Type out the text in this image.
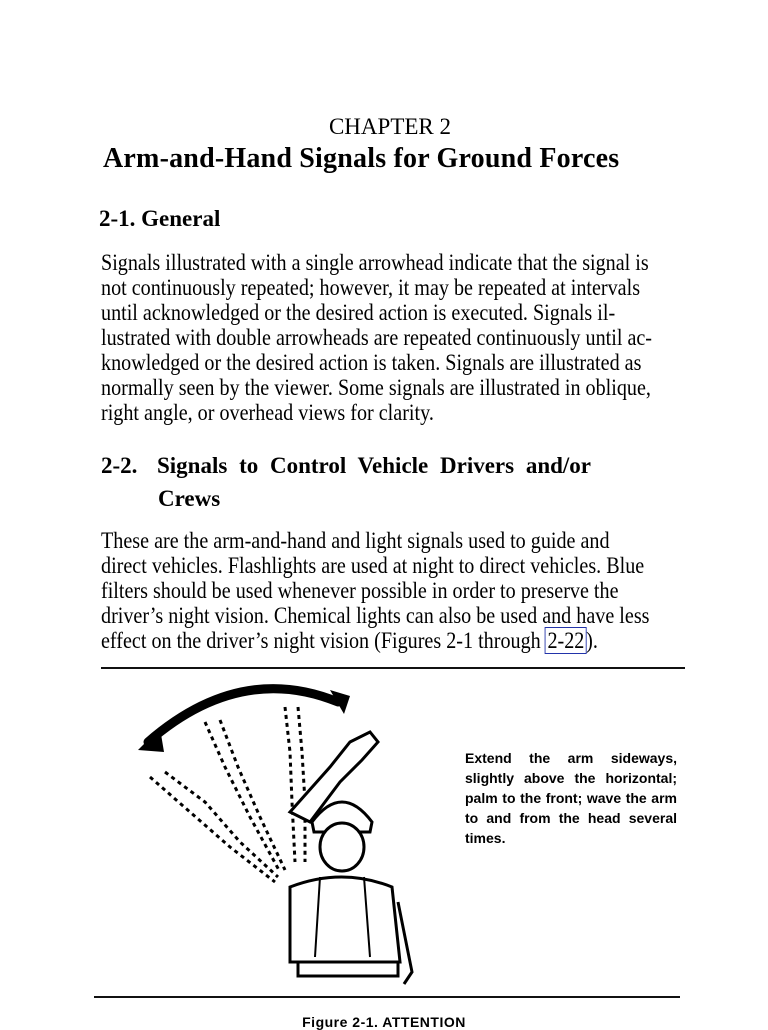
CHAPTER 2
Arm-and-Hand Signals for Ground Forces
2-1. General
Signals illustrated with a single arrowhead indicate that the signal is
not continuously repeated; however, it may be repeated at intervals
until acknowledged or the desired action is executed. Signals il-
lustrated with double arrowheads are repeated continuously until ac-
knowledged or the desired action is taken. Signals are illustrated as
normally seen by the viewer. Some signals are illustrated in oblique,
right angle, or overhead views for clarity.
2-2. Signals to Control Vehicle Drivers and/or
Crews
These are the arm-and-hand and light signals used to guide and
direct vehicles. Flashlights are used at night to direct vehicles. Blue
filters should be used whenever possible in order to preserve the
driver’s night vision. Chemical lights can also be used and have less
effect on the driver’s night vision (Figures 2-1 through 2-22).
Extend the arm sideways, slightly above the horizontal; palm to the front; wave the arm to and from the head several times.
Figure 2-1. ATTENTION
